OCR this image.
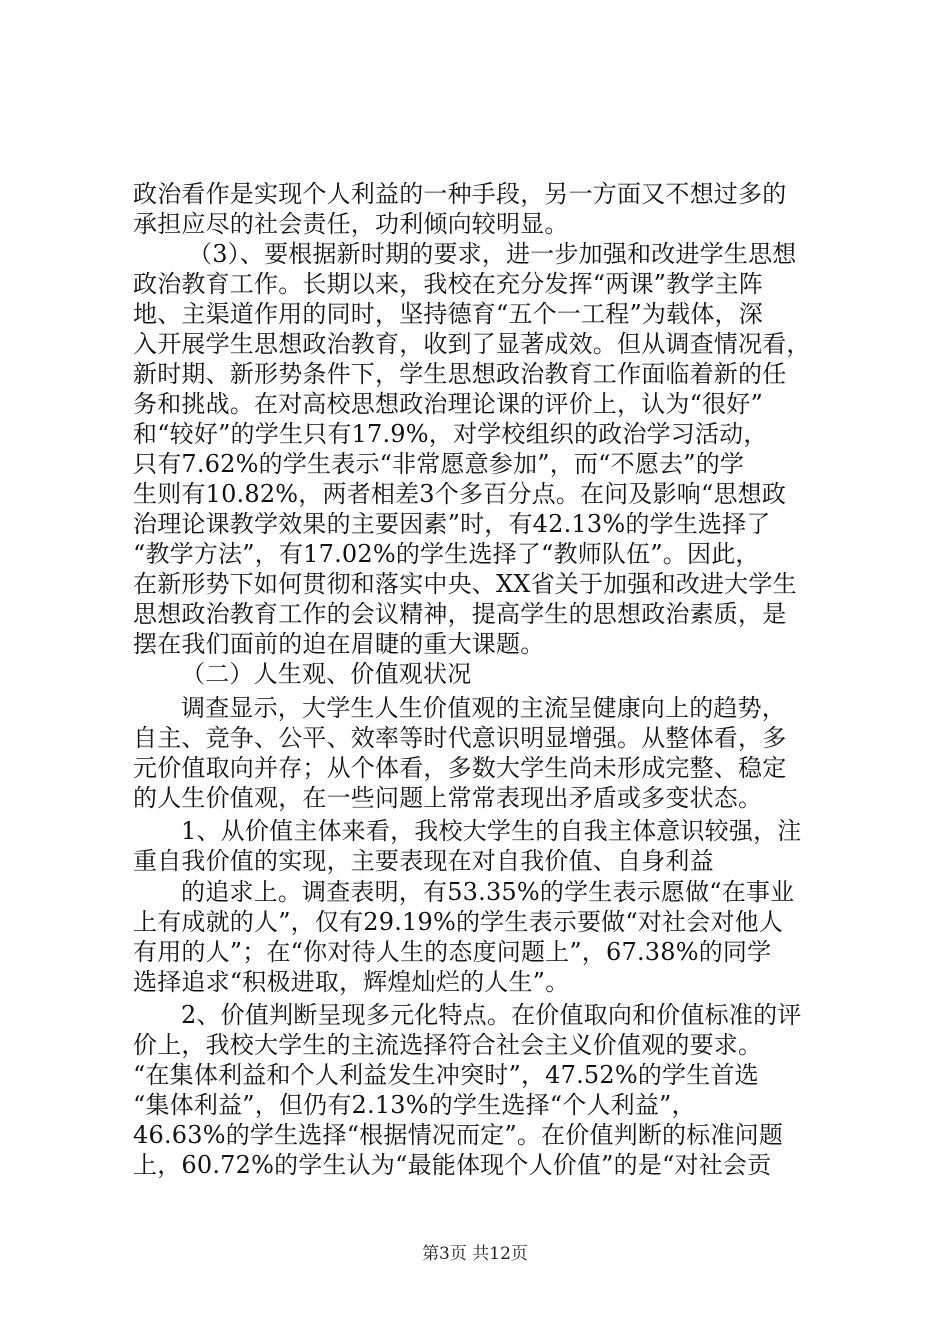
政治看作是实现个人利益的一种手段，另一方面又不想过多的
承担应尽的社会责任，功利倾向较明显。
（3）、要根据新时期的要求，进一步加强和改进学生思想
政治教育工作。长期以来，我校在充分发挥“两课”教学主阵
地、主渠道作用的同时，坚持德育“五个一工程”为载体，深
入开展学生思想政治教育，收到了显著成效。但从调查情况看，
新时期、新形势条件下，学生思想政治教育工作面临着新的任
务和挑战。在对高校思想政治理论课的评价上，认为“很好”
和“较好”的学生只有17.9%，对学校组织的政治学习活动，
只有7.62%的学生表示“非常愿意参加”，而“不愿去”的学
生则有10.82%，两者相差3个多百分点。在问及影响“思想政
治理论课教学效果的主要因素”时，有42.13%的学生选择了
“教学方法”，有17.02%的学生选择了“教师队伍”。因此，
在新形势下如何贯彻和落实中央、XX省关于加强和改进大学生
思想政治教育工作的会议精神，提高学生的思想政治素质，是
摆在我们面前的迫在眉睫的重大课题。
（二）人生观、价值观状况
调查显示，大学生人生价值观的主流呈健康向上的趋势，
自主、竞争、公平、效率等时代意识明显增强。从整体看，多
元价值取向并存；从个体看，多数大学生尚未形成完整、稳定
的人生价值观，在一些问题上常常表现出矛盾或多变状态。
1、从价值主体来看，我校大学生的自我主体意识较强，注
重自我价值的实现，主要表现在对自我价值、自身利益
的追求上。调查表明，有53.35%的学生表示愿做“在事业
上有成就的人”，仅有29.19%的学生表示要做“对社会对他人
有用的人”；在“你对待人生的态度问题上”，67.38%的同学
选择追求“积极进取，辉煌灿烂的人生”。
2、价值判断呈现多元化特点。在价值取向和价值标准的评
价上，我校大学生的主流选择符合社会主义价值观的要求。
“在集体利益和个人利益发生冲突时”，47.52%的学生首选
“集体利益”，但仍有2.13%的学生选择“个人利益”，
46.63%的学生选择“根据情况而定”。在价值判断的标准问题
上，60.72%的学生认为“最能体现个人价值”的是“对社会贡
第3页 共12页
